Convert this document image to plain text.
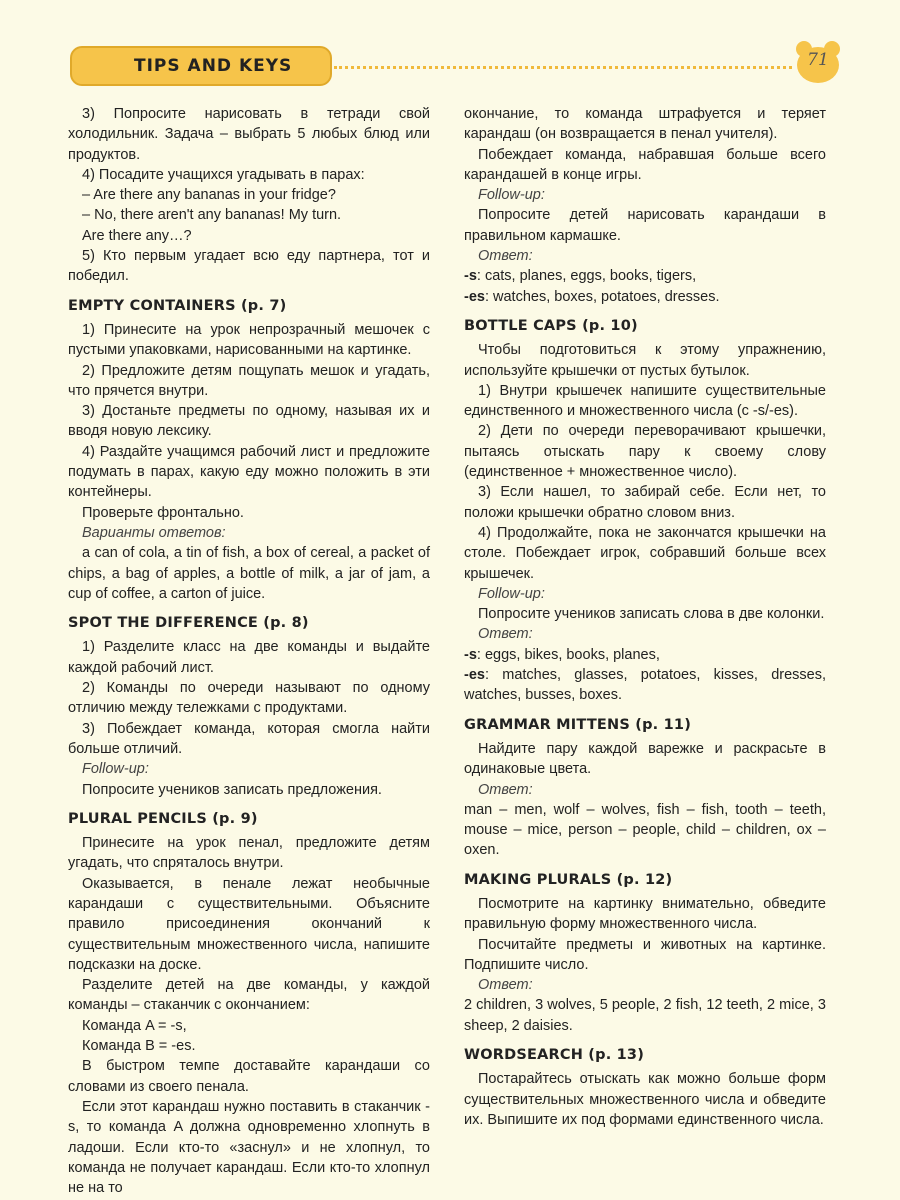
TIPS AND KEYS	71

3) Попросите нарисовать в тетради свой холодильник. Задача – выбрать 5 любых блюд или продуктов.

4) Посадите учащихся угадывать в парах:

– Are there any bananas in your fridge?

– No, there aren't any bananas! My turn.

Are there any…?

5) Кто первым угадает всю еду партнера, тот и победил.

EMPTY CONTAINERS (p. 7)

1) Принесите на урок непрозрачный мешочек с пустыми упаковками, нарисованными на картинке.

2) Предложите детям пощупать мешок и угадать, что прячется внутри.

3) Достаньте предметы по одному, называя их и вводя новую лексику.

4) Раздайте учащимся рабочий лист и предложите подумать в парах, какую еду можно положить в эти контейнеры.

Проверьте фронтально.

Варианты ответов:

a can of cola, a tin of fish, a box of cereal, a packet of chips, a bag of apples, a bottle of milk, a jar of jam, a cup of coffee, a carton of juice.

SPOT THE DIFFERENCE (p. 8)

1) Разделите класс на две команды и выдайте каждой рабочий лист.

2) Команды по очереди называют по одному отличию между тележками с продуктами.

3) Побеждает команда, которая смогла найти больше отличий.

Follow-up:

Попросите учеников записать предложения.

PLURAL PENCILS (p. 9)

Принесите на урок пенал, предложите детям угадать, что спряталось внутри.

Оказывается, в пенале лежат необычные карандаши с существительными. Объясните правило присоединения окончаний к существительным множественного числа, напишите подсказки на доске.

Разделите детей на две команды, у каждой команды – стаканчик с окончанием:

Команда A = -s,

Команда B = -es.

В быстром темпе доставайте карандаши со словами из своего пенала.

Если этот карандаш нужно поставить в стаканчик -s, то команда A должна одновременно хлопнуть в ладоши. Если кто-то «заснул» и не хлопнул, то команда не получает карандаш. Если кто-то хлопнул не на то

окончание, то команда штрафуется и теряет карандаш (он возвращается в пенал учителя).

Побеждает команда, набравшая больше всего карандашей в конце игры.

Follow-up:

Попросите детей нарисовать карандаши в правильном кармашке.

Ответ:

-s: cats, planes, eggs, books, tigers,

-es: watches, boxes, potatoes, dresses.

BOTTLE CAPS (p. 10)

Чтобы подготовиться к этому упражнению, используйте крышечки от пустых бутылок.

1) Внутри крышечек напишите существительные единственного и множественного числа (с -s/-es).

2) Дети по очереди переворачивают крышечки, пытаясь отыскать пару к своему слову (единственное + множественное число).

3) Если нашел, то забирай себе. Если нет, то положи крышечки обратно словом вниз.

4) Продолжайте, пока не закончатся крышечки на столе. Побеждает игрок, собравший больше всех крышечек.

Follow-up:

Попросите учеников записать слова в две колонки.

Ответ:

-s: eggs, bikes, books, planes,

-es: matches, glasses, potatoes, kisses, dresses, watches, busses, boxes.

GRAMMAR MITTENS (p. 11)

Найдите пару каждой варежке и раскрасьте в одинаковые цвета.

Ответ:

man – men, wolf – wolves, fish – fish, tooth – teeth, mouse – mice, person – people, child – children, ox – oxen.

MAKING PLURALS (p. 12)

Посмотрите на картинку внимательно, обведите правильную форму множественного числа.

Посчитайте предметы и животных на картинке. Подпишите число.

Ответ:

2 children, 3 wolves, 5 people, 2 fish, 12 teeth, 2 mice, 3 sheep, 2 daisies.

WORDSEARCH (p. 13)

Постарайтесь отыскать как можно больше форм существительных множественного числа и обведите их. Выпишите их под формами единственного числа.
